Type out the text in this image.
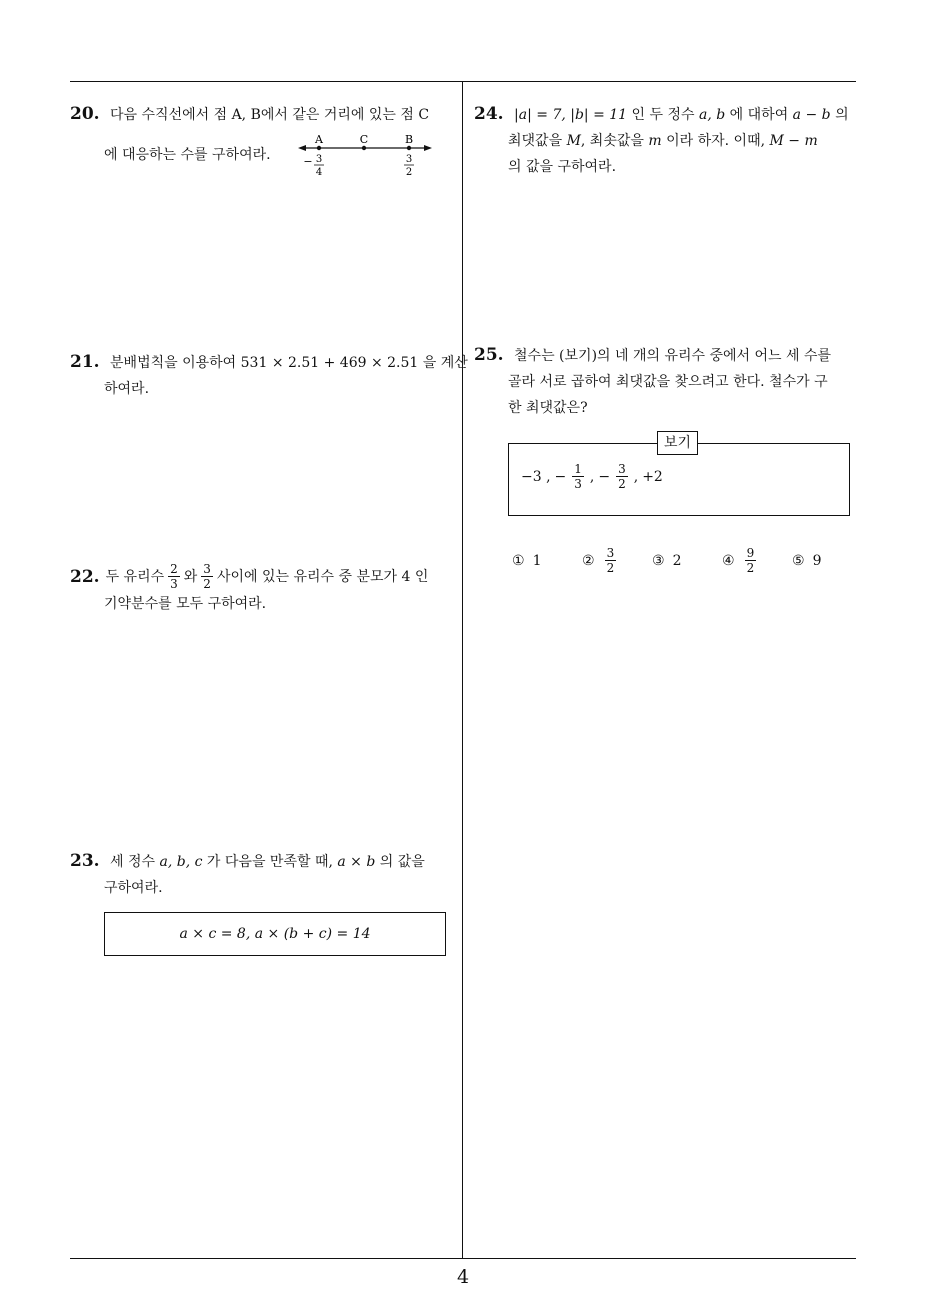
4
20. 다음 수직선에서 점 A, B에서 같은 거리에 있는 점 C
에 대응하는 수를 구하여라.
A	C	B
− 3
4
3
2
21. 분배법칙을 이용하여 531 × 2.51 + 469 × 2.51 을 계산
하여라.
22. 두 유리수 $\frac{2}{3}$ 와 $\frac{3}{2}$ 사이에 있는 유리수 중 분모가 4 인
기약분수를 모두 구하여라.
23. 세 정수 a, b, c 가 다음을 만족할 때, a × b 의 값을
구하여라.
a × c = 8, a × (b + c) = 14
24. |a| = 7, |b| = 11 인 두 정수 a, b 에 대하여 a − b 의
최댓값을 M, 최솟값을 m 이라 하자. 이때, M − m
의 값을 구하여라.
25. 철수는 (보기)의 네 개의 유리수 중에서 어느 세 수를
골라 서로 곱하여 최댓값을 찾으려고 한다. 철수가 구
한 최댓값은?
보기
−3 , − $\frac{1}{3}$ , − $\frac{3}{2}$ , +2
① 1	② $\frac{3}{2}$	③ 2	④ $\frac{9}{2}$	⑤ 9
